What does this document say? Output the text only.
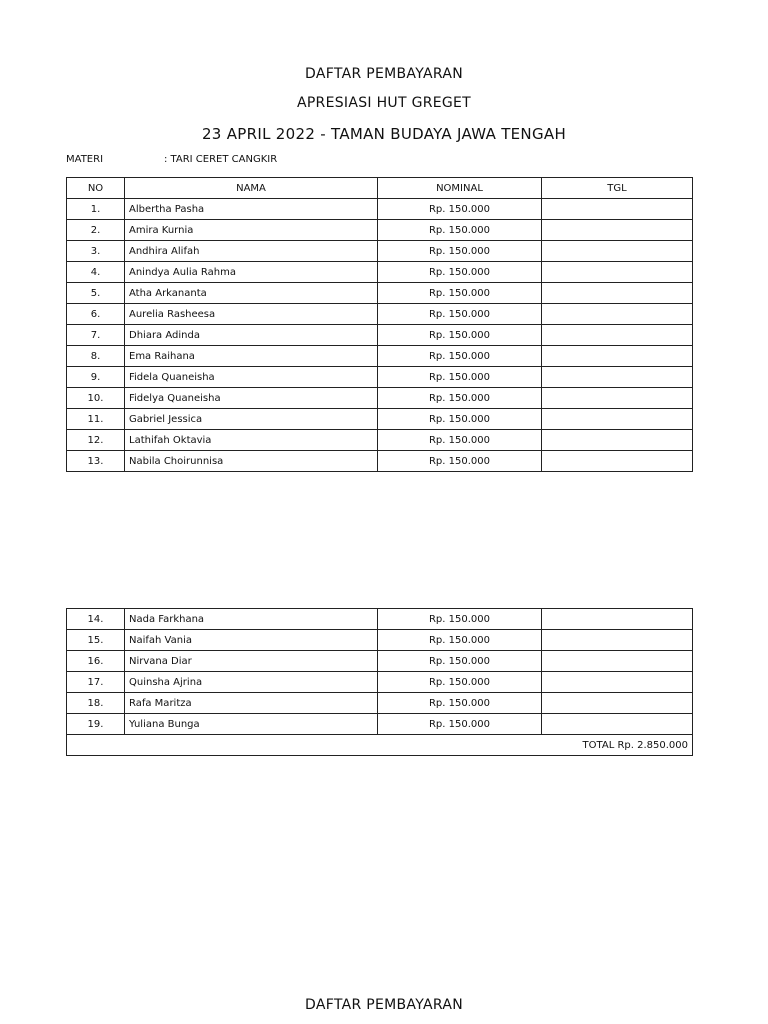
DAFTAR PEMBAYARAN
APRESIASI HUT GREGET
23 APRIL 2022 - TAMAN BUDAYA JAWA TENGAH
MATERI	: TARI CERET CANGKIR
NO	NAMA	NOMINAL	TGL
1.	Albertha Pasha	Rp. 150.000	
2.	Amira Kurnia	Rp. 150.000	
3.	Andhira Alifah	Rp. 150.000	
4.	Anindya Aulia Rahma	Rp. 150.000	
5.	Atha Arkananta	Rp. 150.000	
6.	Aurelia Rasheesa	Rp. 150.000	
7.	Dhiara Adinda	Rp. 150.000	
8.	Ema Raihana	Rp. 150.000	
9.	Fidela Quaneisha	Rp. 150.000	
10.	Fidelya Quaneisha	Rp. 150.000	
11.	Gabriel Jessica	Rp. 150.000	
12.	Lathifah Oktavia	Rp. 150.000	
13.	Nabila Choirunnisa	Rp. 150.000	
14.	Nada Farkhana	Rp. 150.000	
15.	Naifah Vania	Rp. 150.000	
16.	Nirvana Diar	Rp. 150.000	
17.	Quinsha Ajrina	Rp. 150.000	
18.	Rafa Maritza	Rp. 150.000	
19.	Yuliana Bunga	Rp. 150.000	
TOTAL Rp. 2.850.000			
DAFTAR PEMBAYARAN
